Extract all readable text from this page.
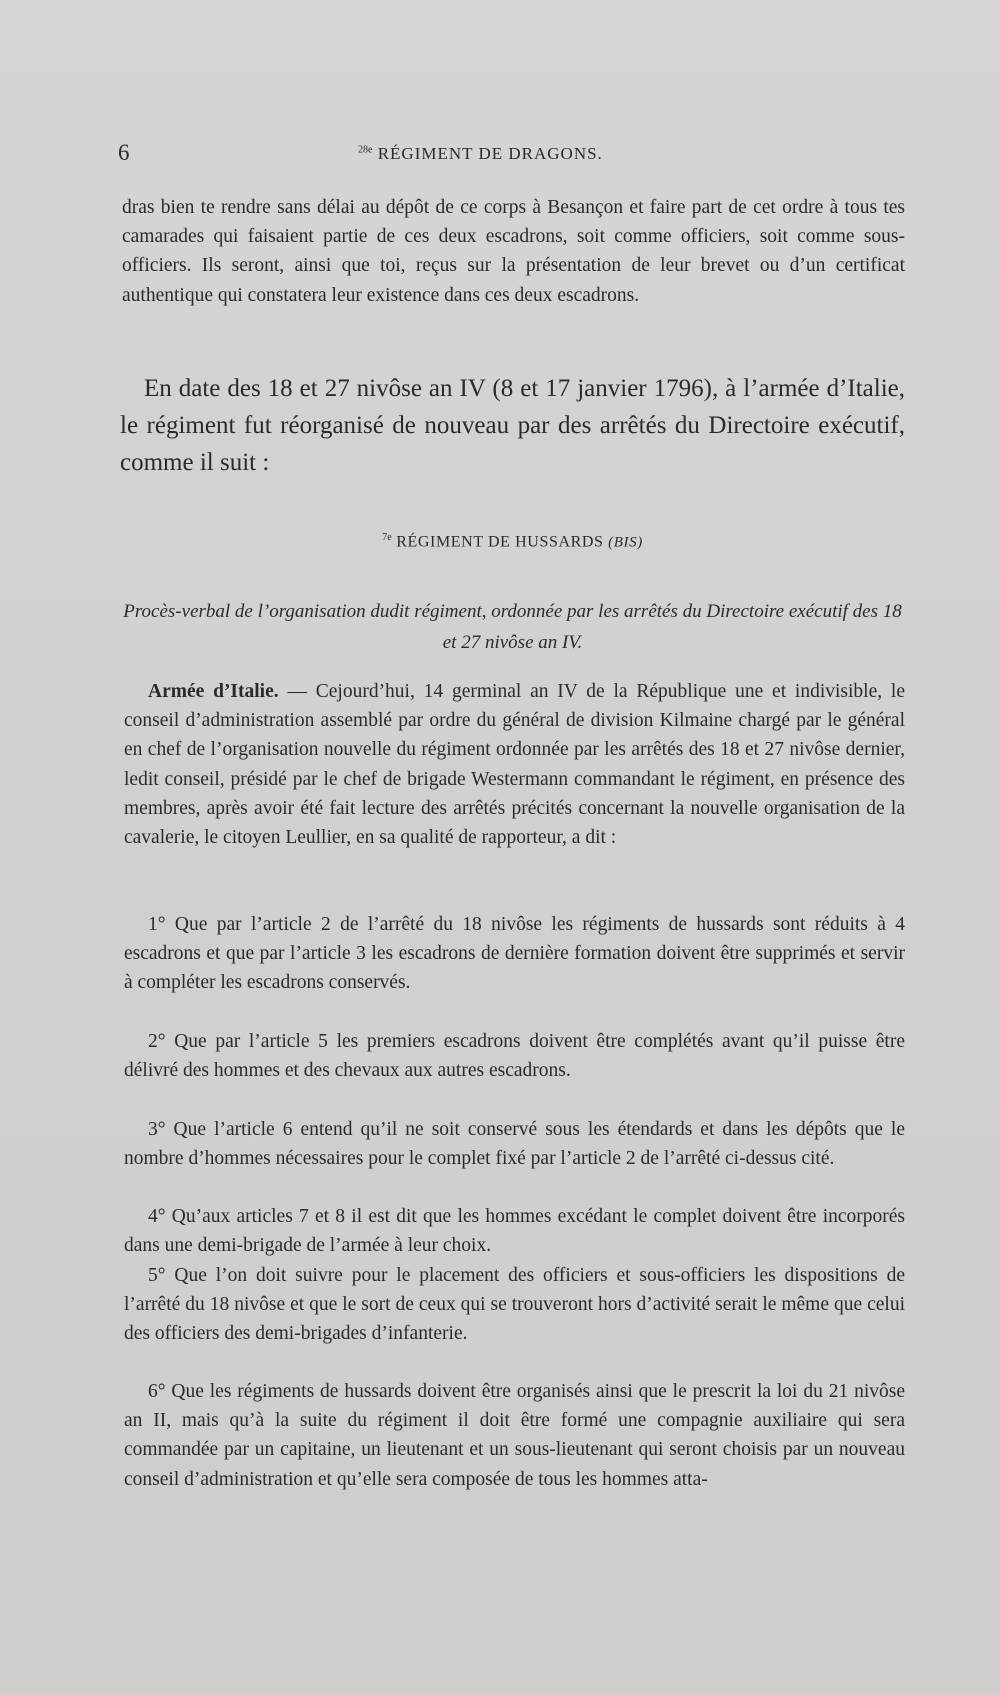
6	$^{28e}$ RÉGIMENT DE DRAGONS.

dras bien te rendre sans délai au dépôt de ce corps à Besançon et faire part de cet ordre à tous tes camarades qui faisaient partie de ces deux escadrons, soit comme officiers, soit comme sous-officiers. Ils seront, ainsi que toi, reçus sur la présentation de leur brevet ou d’un certificat authentique qui constatera leur existence dans ces deux escadrons.

En date des 18 et 27 nivôse an IV (8 et 17 janvier 1796), à l’armée d’Italie, le régiment fut réorganisé de nouveau par des arrêtés du Directoire exécutif, comme il suit :

$^{7e}$ RÉGIMENT DE HUSSARDS (BIS)

Procès-verbal de l’organisation dudit régiment, ordonnée par les arrêtés du Directoire exécutif des 18 et 27 nivôse an IV.

Armée d’Italie. — Cejourd’hui, 14 germinal an IV de la République une et indivisible, le conseil d’administration assemblé par ordre du général de division Kilmaine chargé par le général en chef de l’organisation nouvelle du régiment ordonnée par les arrêtés des 18 et 27 nivôse dernier, ledit conseil, présidé par le chef de brigade Westermann commandant le régiment, en présence des membres, après avoir été fait lecture des arrêtés précités concernant la nouvelle organisation de la cavalerie, le citoyen Leullier, en sa qualité de rapporteur, a dit :

1° Que par l’article 2 de l’arrêté du 18 nivôse les régiments de hussards sont réduits à 4 escadrons et que par l’article 3 les escadrons de dernière formation doivent être supprimés et servir à compléter les escadrons conservés.

2° Que par l’article 5 les premiers escadrons doivent être complétés avant qu’il puisse être délivré des hommes et des chevaux aux autres escadrons.

3° Que l’article 6 entend qu’il ne soit conservé sous les étendards et dans les dépôts que le nombre d’hommes nécessaires pour le complet fixé par l’article 2 de l’arrêté ci-dessus cité.

4° Qu’aux articles 7 et 8 il est dit que les hommes excédant le complet doivent être incorporés dans une demi-brigade de l’armée à leur choix.

5° Que l’on doit suivre pour le placement des officiers et sous-officiers les dispositions de l’arrêté du 18 nivôse et que le sort de ceux qui se trouveront hors d’activité serait le même que celui des officiers des demi-brigades d’infanterie.

6° Que les régiments de hussards doivent être organisés ainsi que le prescrit la loi du 21 nivôse an II, mais qu’à la suite du régiment il doit être formé une compagnie auxiliaire qui sera commandée par un capitaine, un lieutenant et un sous-lieutenant qui seront choisis par un nouveau conseil d’administration et qu’elle sera composée de tous les hommes atta-
